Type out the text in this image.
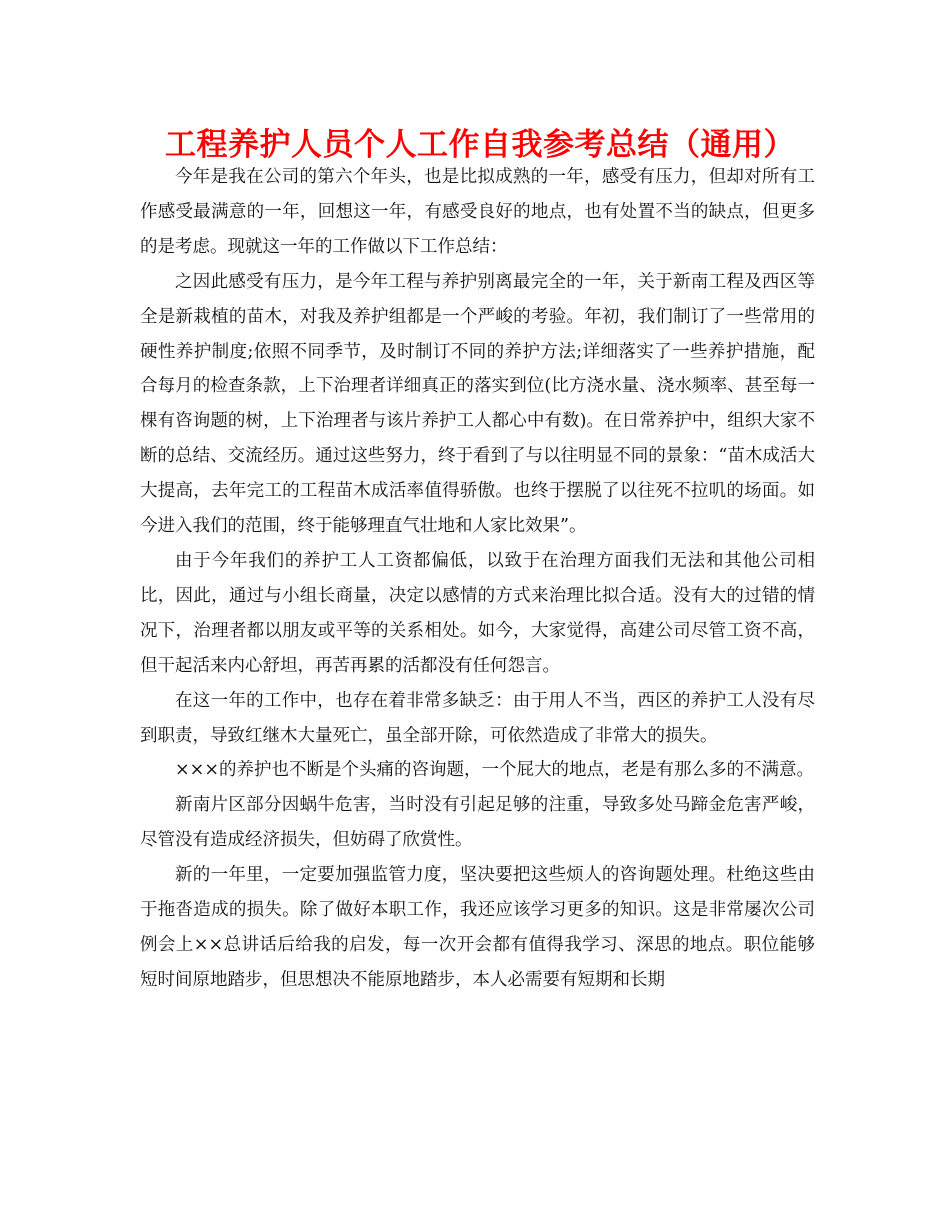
工程养护人员个人工作自我参考总结（通用）

今年是我在公司的第六个年头，也是比拟成熟的一年，感受有压力，但却对所有工作感受最满意的一年，回想这一年，有感受良好的地点，也有处置不当的缺点，但更多的是考虑。现就这一年的工作做以下工作总结：

之因此感受有压力，是今年工程与养护别离最完全的一年，关于新南工程及西区等全是新栽植的苗木，对我及养护组都是一个严峻的考验。年初，我们制订了一些常用的硬性养护制度;依照不同季节，及时制订不同的养护方法;详细落实了一些养护措施，配合每月的检查条款，上下治理者详细真正的落实到位(比方浇水量、浇水频率、甚至每一棵有咨询题的树，上下治理者与该片养护工人都心中有数)。在日常养护中，组织大家不断的总结、交流经历。通过这些努力，终于看到了与以往明显不同的景象：“苗木成活大大提高，去年完工的工程苗木成活率值得骄傲。也终于摆脱了以往死不拉叽的场面。如今进入我们的范围，终于能够理直气壮地和人家比效果”。

由于今年我们的养护工人工资都偏低，以致于在治理方面我们无法和其他公司相比，因此，通过与小组长商量，决定以感情的方式来治理比拟合适。没有大的过错的情况下，治理者都以朋友或平等的关系相处。如今，大家觉得，高建公司尽管工资不高，但干起活来内心舒坦，再苦再累的活都没有任何怨言。

在这一年的工作中，也存在着非常多缺乏：由于用人不当，西区的养护工人没有尽到职责，导致红继木大量死亡，虽全部开除，可依然造成了非常大的损失。

×××的养护也不断是个头痛的咨询题，一个屁大的地点，老是有那么多的不满意。

新南片区部分因蜗牛危害，当时没有引起足够的注重，导致多处马蹄金危害严峻，尽管没有造成经济损失，但妨碍了欣赏性。

新的一年里，一定要加强监管力度，坚决要把这些烦人的咨询题处理。杜绝这些由于拖沓造成的损失。除了做好本职工作，我还应该学习更多的知识。这是非常屡次公司例会上××总讲话后给我的启发，每一次开会都有值得我学习、深思的地点。职位能够短时间原地踏步，但思想决不能原地踏步，本人必需要有短期和长期
